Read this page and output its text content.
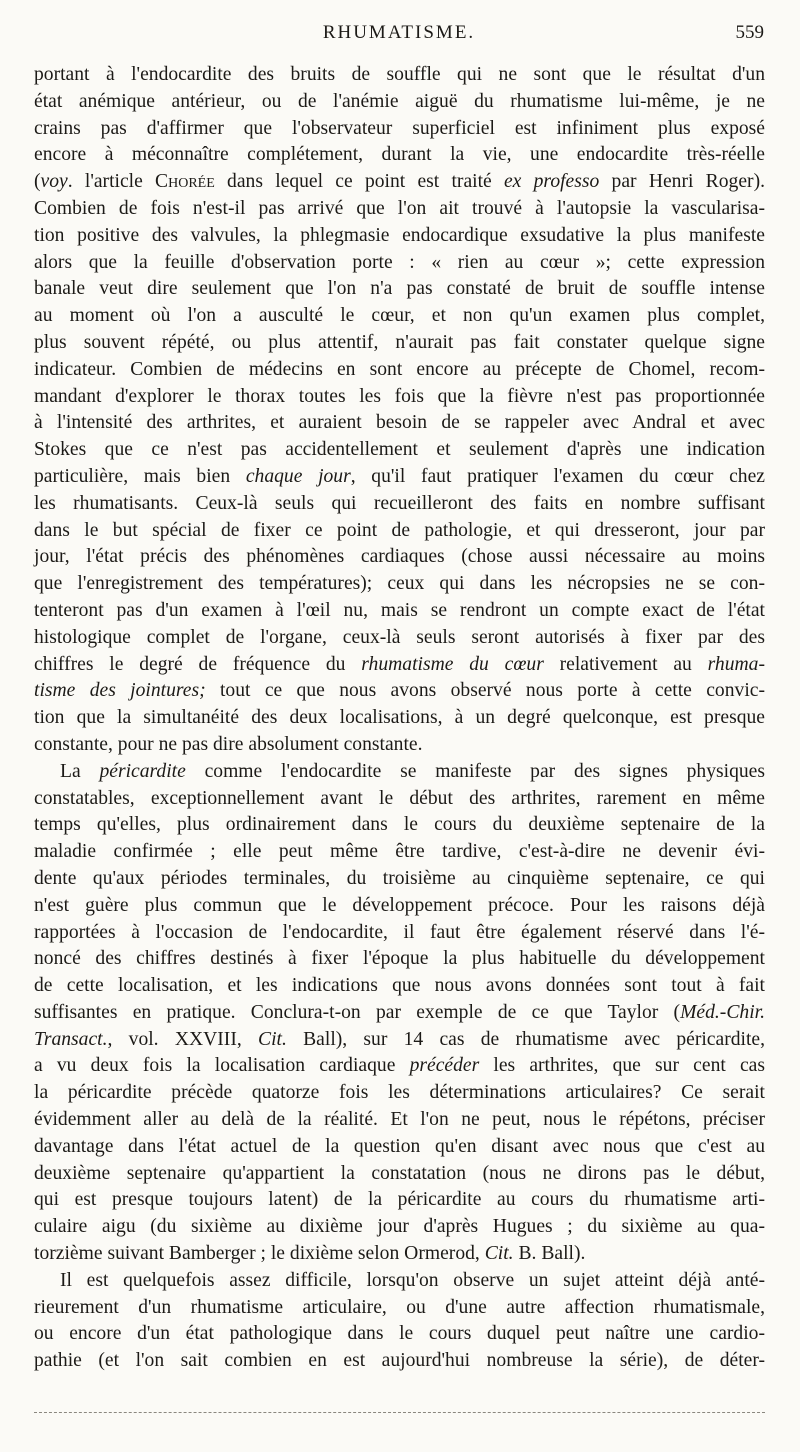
RHUMATISME.	559
portant à l'endocardite des bruits de souffle qui ne sont que le résultat d'un
état anémique antérieur, ou de l'anémie aiguë du rhumatisme lui-même, je ne
crains pas d'affirmer que l'observateur superficiel est infiniment plus exposé
encore à méconnaître complétement, durant la vie, une endocardite très-réelle
(voy. l'article Chorée dans lequel ce point est traité ex professo par Henri Roger).
Combien de fois n'est-il pas arrivé que l'on ait trouvé à l'autopsie la vascularisa-
tion positive des valvules, la phlegmasie endocardique exsudative la plus manifeste
alors que la feuille d'observation porte : « rien au cœur »; cette expression
banale veut dire seulement que l'on n'a pas constaté de bruit de souffle intense
au moment où l'on a ausculté le cœur, et non qu'un examen plus complet,
plus souvent répété, ou plus attentif, n'aurait pas fait constater quelque signe
indicateur. Combien de médecins en sont encore au précepte de Chomel, recom-
mandant d'explorer le thorax toutes les fois que la fièvre n'est pas proportionnée
à l'intensité des arthrites, et auraient besoin de se rappeler avec Andral et avec
Stokes que ce n'est pas accidentellement et seulement d'après une indication
particulière, mais bien chaque jour, qu'il faut pratiquer l'examen du cœur chez
les rhumatisants. Ceux-là seuls qui recueilleront des faits en nombre suffisant
dans le but spécial de fixer ce point de pathologie, et qui dresseront, jour par
jour, l'état précis des phénomènes cardiaques (chose aussi nécessaire au moins
que l'enregistrement des températures); ceux qui dans les nécropsies ne se con-
tenteront pas d'un examen à l'œil nu, mais se rendront un compte exact de l'état
histologique complet de l'organe, ceux-là seuls seront autorisés à fixer par des
chiffres le degré de fréquence du rhumatisme du cœur relativement au rhuma-
tisme des jointures; tout ce que nous avons observé nous porte à cette convic-
tion que la simultanéité des deux localisations, à un degré quelconque, est presque
constante, pour ne pas dire absolument constante.
La péricardite comme l'endocardite se manifeste par des signes physiques
constatables, exceptionnellement avant le début des arthrites, rarement en même
temps qu'elles, plus ordinairement dans le cours du deuxième septenaire de la
maladie confirmée ; elle peut même être tardive, c'est-à-dire ne devenir évi-
dente qu'aux périodes terminales, du troisième au cinquième septenaire, ce qui
n'est guère plus commun que le développement précoce. Pour les raisons déjà
rapportées à l'occasion de l'endocardite, il faut être également réservé dans l'é-
noncé des chiffres destinés à fixer l'époque la plus habituelle du développement
de cette localisation, et les indications que nous avons données sont tout à fait
suffisantes en pratique. Conclura-t-on par exemple de ce que Taylor (Méd.-Chir.
Transact., vol. XXVIII, Cit. Ball), sur 14 cas de rhumatisme avec péricardite,
a vu deux fois la localisation cardiaque précéder les arthrites, que sur cent cas
la péricardite précède quatorze fois les déterminations articulaires? Ce serait
évidemment aller au delà de la réalité. Et l'on ne peut, nous le répétons, préciser
davantage dans l'état actuel de la question qu'en disant avec nous que c'est au
deuxième septenaire qu'appartient la constatation (nous ne dirons pas le début,
qui est presque toujours latent) de la péricardite au cours du rhumatisme arti-
culaire aigu (du sixième au dixième jour d'après Hugues ; du sixième au qua-
torzième suivant Bamberger ; le dixième selon Ormerod, Cit. B. Ball).
Il est quelquefois assez difficile, lorsqu'on observe un sujet atteint déjà anté-
rieurement d'un rhumatisme articulaire, ou d'une autre affection rhumatismale,
ou encore d'un état pathologique dans le cours duquel peut naître une cardio-
pathie (et l'on sait combien en est aujourd'hui nombreuse la série), de déter-
